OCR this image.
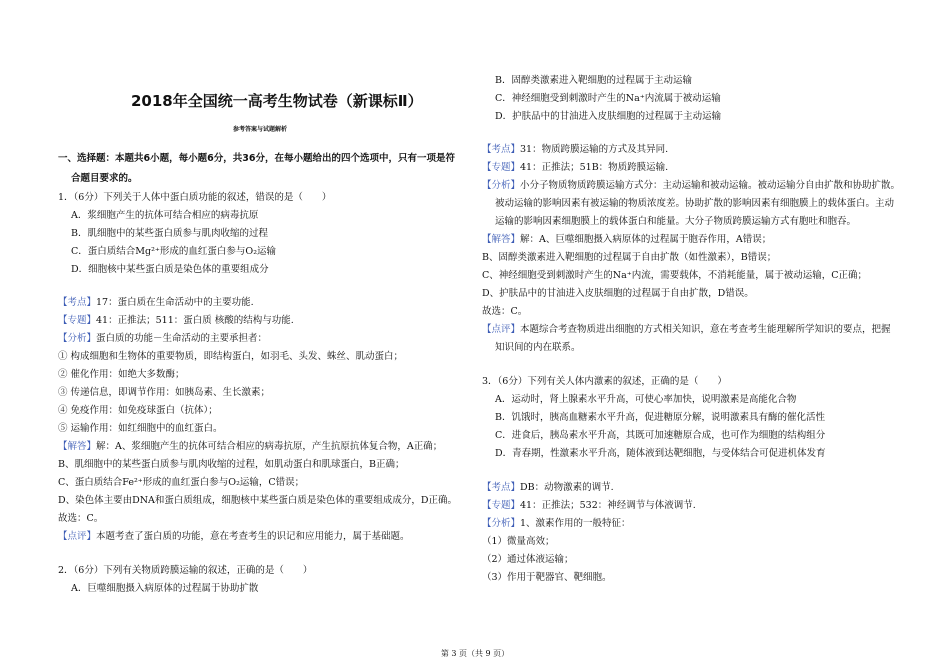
2018年全国统一高考生物试卷（新课标Ⅱ）
参考答案与试题解析
一、选择题：本题共6小题，每小题6分，共36分，在每小题给出的四个选项中，只有一项是符
合题目要求的。
1．（6分）下列关于人体中蛋白质功能的叙述，错误的是（　　）
A．浆细胞产生的抗体可结合相应的病毒抗原
B．肌细胞中的某些蛋白质参与肌肉收缩的过程
C．蛋白质结合Mg²⁺形成的血红蛋白参与O₂运输
D．细胞核中某些蛋白质是染色体的重要组成分
【考点】17：蛋白质在生命活动中的主要功能.
【专题】41：正推法；511：蛋白质 核酸的结构与功能.
【分析】蛋白质的功能－生命活动的主要承担者：
① 构成细胞和生物体的重要物质，即结构蛋白，如羽毛、头发、蛛丝、肌动蛋白；
② 催化作用：如绝大多数酶；
③ 传递信息，即调节作用：如胰岛素、生长激素；
④ 免疫作用：如免疫球蛋白（抗体）；
⑤ 运输作用：如红细胞中的血红蛋白。
【解答】解：A、浆细胞产生的抗体可结合相应的病毒抗原，产生抗原抗体复合物，A正确；
B、肌细胞中的某些蛋白质参与肌肉收缩的过程，如肌动蛋白和肌球蛋白，B正确；
C、蛋白质结合Fe²⁺形成的血红蛋白参与O₂运输，C错误；
D、染色体主要由DNA和蛋白质组成，细胞核中某些蛋白质是染色体的重要组成成分，D正确。
故选：C。
【点评】本题考查了蛋白质的功能，意在考查考生的识记和应用能力，属于基础题。
2．（6分）下列有关物质跨膜运输的叙述，正确的是（　　）
A．巨噬细胞摄入病原体的过程属于协助扩散
B．固醇类激素进入靶细胞的过程属于主动运输
C．神经细胞受到刺激时产生的Na⁺内流属于被动运输
D．护肤品中的甘油进入皮肤细胞的过程属于主动运输
【考点】31：物质跨膜运输的方式及其异同.
【专题】41：正推法；51B：物质跨膜运输.
【分析】小分子物质物质跨膜运输方式分：主动运输和被动运输。被动运输分自由扩散和协助扩散。
被动运输的影响因素有被运输的物质浓度差。协助扩散的影响因素有细胞膜上的载体蛋白。主动
运输的影响因素细胞膜上的载体蛋白和能量。大分子物质跨膜运输方式有胞吐和胞吞。
【解答】解：A、巨噬细胞摄入病原体的过程属于胞吞作用，A错误；
B、固醇类激素进入靶细胞的过程属于自由扩散（如性激素），B错误；
C、神经细胞受到刺激时产生的Na⁺内流，需要载体，不消耗能量，属于被动运输，C正确；
D、护肤品中的甘油进入皮肤细胞的过程属于自由扩散，D错误。
故选：C。
【点评】本题综合考查物质进出细胞的方式相关知识，意在考查考生能理解所学知识的要点，把握
知识间的内在联系。
3．（6分）下列有关人体内激素的叙述，正确的是（　　）
A．运动时，肾上腺素水平升高，可使心率加快，说明激素是高能化合物
B．饥饿时，胰高血糖素水平升高，促进糖原分解，说明激素具有酶的催化活性
C．进食后，胰岛素水平升高，其既可加速糖原合成，也可作为细胞的结构组分
D．青春期，性激素水平升高，随体液到达靶细胞，与受体结合可促进机体发育
【考点】DB：动物激素的调节.
【专题】41：正推法；532：神经调节与体液调节.
【分析】1、激素作用的一般特征：
（1）微量高效；
（2）通过体液运输；
（3）作用于靶器官、靶细胞。
第 3 页（共 9 页）
